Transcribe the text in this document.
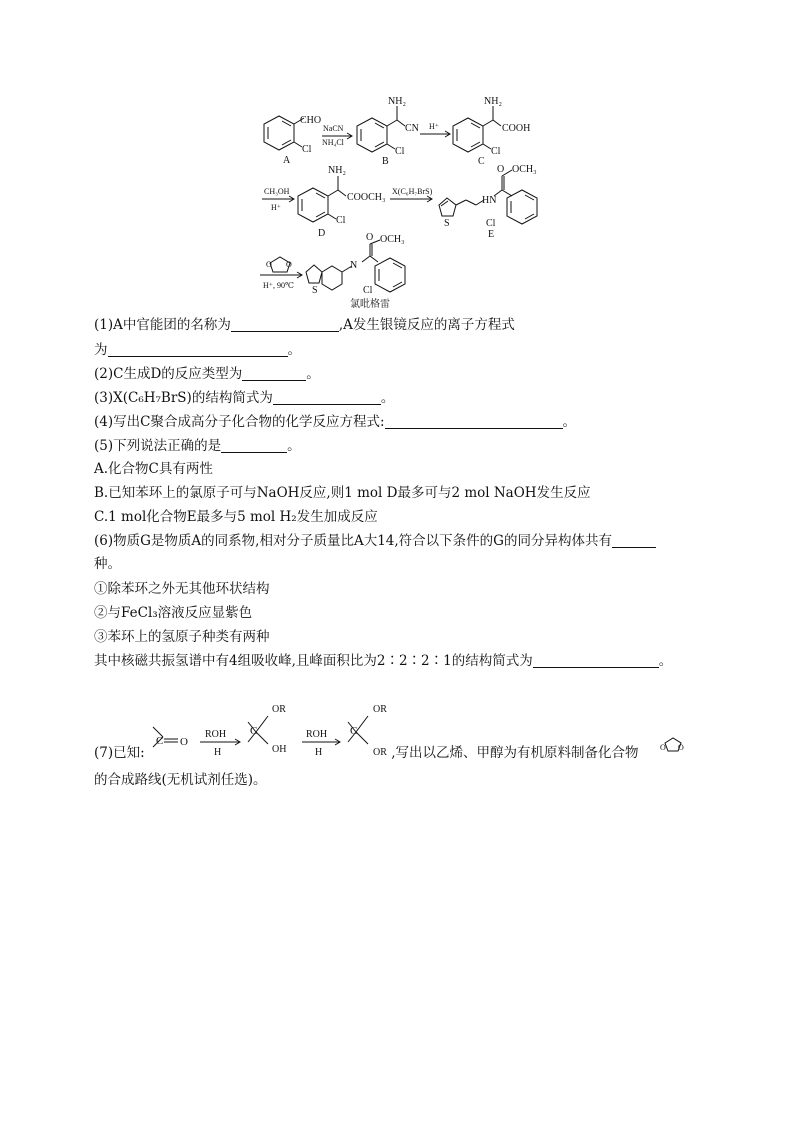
CHO
Cl
A
NaCN
NH₄Cl
NH₂
CN
Cl
B
H⁺
NH₂
COOH
Cl
C
CH₃OH
H⁺
NH₂
COOCH₃
Cl
D
X(C₆H₇BrS)
O OCH₃
HN
S	Cl
E
O O
H⁺, 90℃
O OCH₃
N
S	Cl
氯吡格雷
(1)A中官能团的名称为	,A发生银镜反应的离子方程式
为	。
(2)C生成D的反应类型为	。
(3)X(C₆H₇BrS)的结构简式为	。
(4)写出C聚合成高分子化合物的化学反应方程式:	。
(5)下列说法正确的是	。
A.化合物C具有两性
B.已知苯环上的氯原子可与NaOH反应,则1 mol D最多可与2 mol NaOH发生反应
C.1 mol化合物E最多与5 mol H₂发生加成反应
(6)物质G是物质A的同系物,相对分子质量比A大14,符合以下条件的G的同分异构体共有
种。
①除苯环之外无其他环状结构
②与FeCl₃溶液反应显紫色
③苯环上的氢原子种类有两种
其中核磁共振氢谱中有4组吸收峰,且峰面积比为2∶2∶2∶1的结构简式为	。
(7)已知:	,写出以乙烯、甲醇为有机原料制备化合物
的合成路线(无机试剂任选)。
C O
ROH
H
C
OR
OH
ROH
H
C
OR
OR	O O
